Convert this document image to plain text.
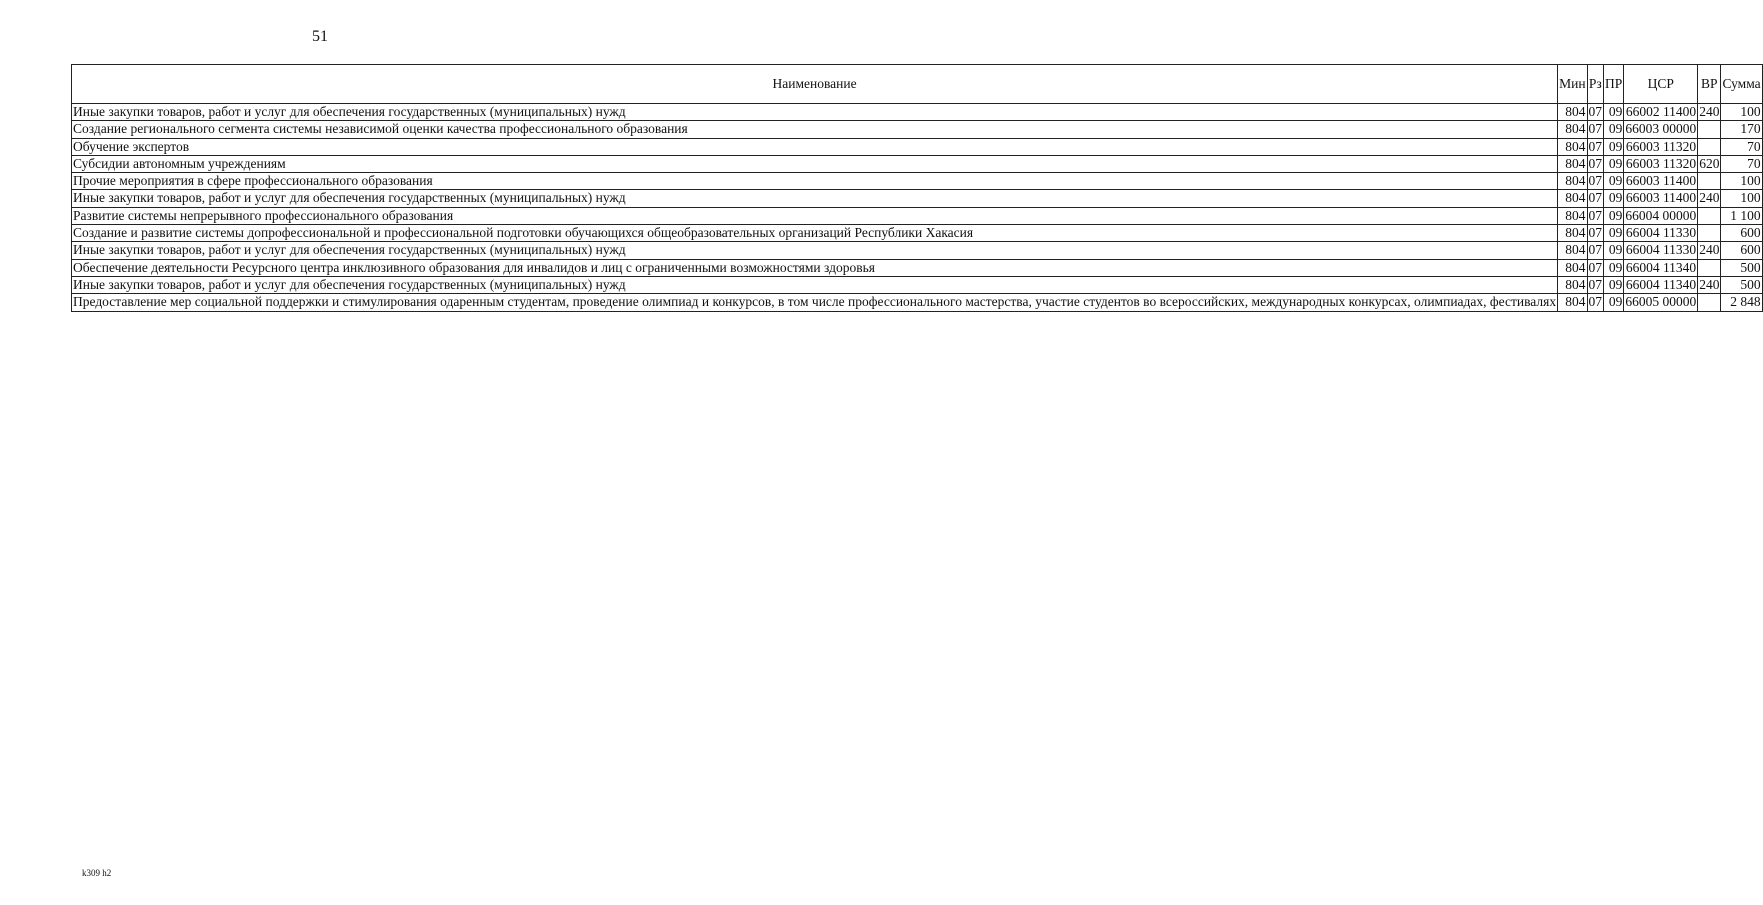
51
Наименование	Мин	Рз	ПР	ЦСР	ВР	Сумма
Иные закупки товаров, работ и услуг для обеспечения государственных (муниципальных) нужд	804	07	09	66002 11400	240	100
Создание регионального сегмента системы независимой оценки качества профессионального образования	804	07	09	66003 00000		170
Обучение экспертов	804	07	09	66003 11320		70
Субсидии автономным учреждениям	804	07	09	66003 11320	620	70
Прочие мероприятия в сфере профессионального образования	804	07	09	66003 11400		100
Иные закупки товаров, работ и услуг для обеспечения государственных (муниципальных) нужд	804	07	09	66003 11400	240	100
Развитие системы непрерывного профессионального образования	804	07	09	66004 00000		1 100
Создание и развитие системы допрофессиональной и профессиональной подготовки обучающихся общеобразовательных организаций Республики Хакасия	804	07	09	66004 11330		600
Иные закупки товаров, работ и услуг для обеспечения государственных (муниципальных) нужд	804	07	09	66004 11330	240	600
Обеспечение деятельности Ресурсного центра инклюзивного образования для инвалидов и лиц с ограниченными возможностями здоровья	804	07	09	66004 11340		500
Иные закупки товаров, работ и услуг для обеспечения государственных (муниципальных) нужд	804	07	09	66004 11340	240	500
Предоставление мер социальной поддержки и стимулирования одаренным студентам, проведение олимпиад и конкурсов, в том числе профессионального мастерства, участие студентов во всероссийских, международных конкурсах, олимпиадах, фестивалях	804	07	09	66005 00000		2 848
k309 h2
